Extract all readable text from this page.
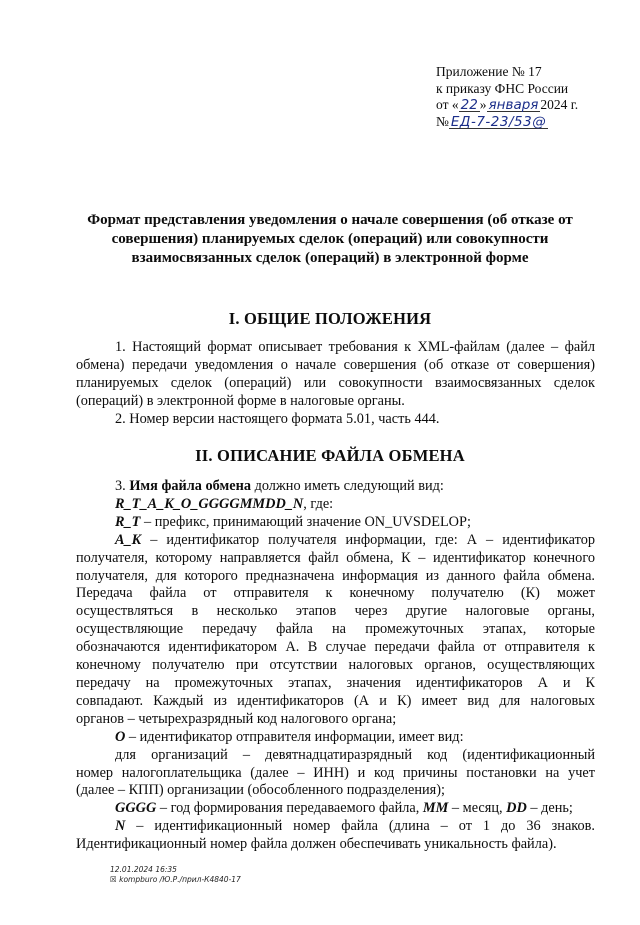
Приложение № 17
к приказу ФНС России
от « 22 » января 2024 г.
№ ЕД-7-23/53@
Формат представления уведомления о начале совершения (об отказе от
совершения) планируемых сделок (операций) или совокупности
взаимосвязанных сделок (операций) в электронной форме
I. ОБЩИЕ ПОЛОЖЕНИЯ
1. Настоящий формат описывает требования к XML-файлам (далее – файл
обмена) передачи уведомления о начале совершения (об отказе от совершения)
планируемых сделок (операций) или совокупности взаимосвязанных сделок
(операций) в электронной форме в налоговые органы.
2. Номер версии настоящего формата 5.01, часть 444.
II. ОПИСАНИЕ ФАЙЛА ОБМЕНА
3. Имя файла обмена должно иметь следующий вид:
R_T_A_K_O_GGGGMMDD_N, где:
R_T – префикс, принимающий значение ON_UVSDELOP;
A_K – идентификатор получателя информации, где: А – идентификатор
получателя, которому направляется файл обмена, К – идентификатор конечного
получателя, для которого предназначена информация из данного файла обмена.
Передача файла от отправителя к конечному получателю (К) может
осуществляться в несколько этапов через другие налоговые органы,
осуществляющие передачу файла на промежуточных этапах, которые
обозначаются идентификатором А. В случае передачи файла от отправителя к
конечному получателю при отсутствии налоговых органов, осуществляющих
передачу на промежуточных этапах, значения идентификаторов А и К
совпадают. Каждый из идентификаторов (А и К) имеет вид для налоговых
органов – четырехразрядный код налогового органа;
O – идентификатор отправителя информации, имеет вид:
для организаций – девятнадцатиразрядный код (идентификационный
номер налогоплательщика (далее – ИНН) и код причины постановки на учет
(далее – КПП) организации (обособленного подразделения);
GGGG – год формирования передаваемого файла, MM – месяц, DD – день;
N – идентификационный номер файла (длина – от 1 до 36 знаков.
Идентификационный номер файла должен обеспечивать уникальность файла).
12.01.2024 16:35
☒ kompburo /Ю.Р./прил-К4840-17
